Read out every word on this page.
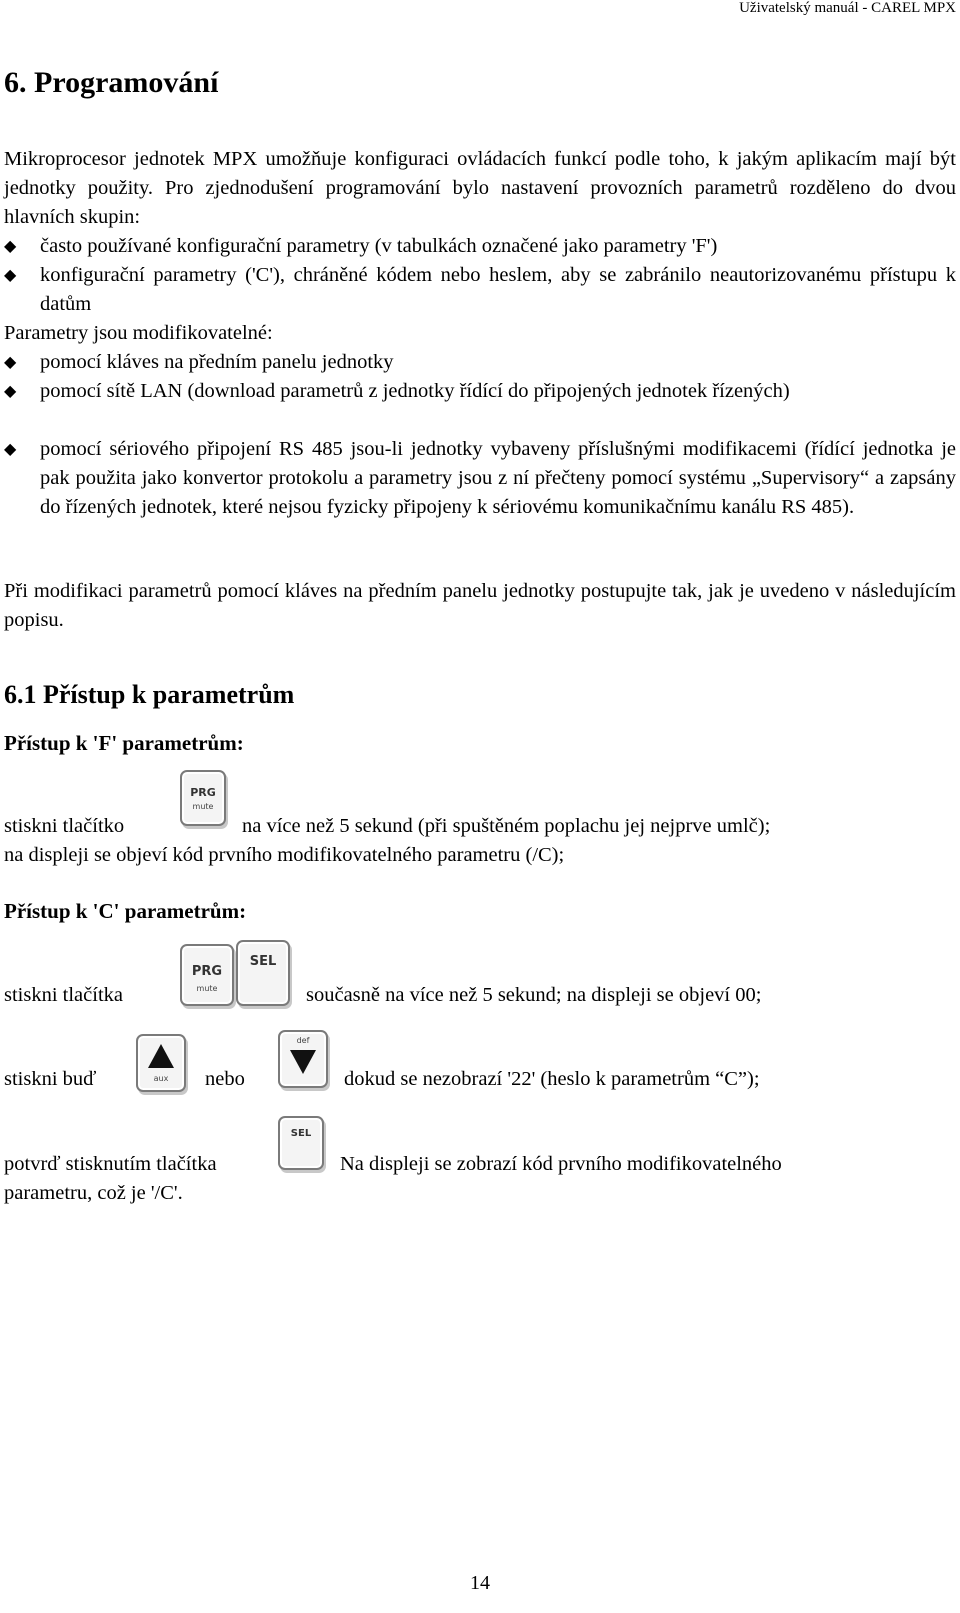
Uživatelský manuál - CAREL MPX
6. Programování

Mikroprocesor jednotek MPX umožňuje konfiguraci ovládacích funkcí podle toho, k jakým aplikacím mají být jednotky použity. Pro zjednodušení programování bylo nastavení provozních parametrů rozděleno do dvou hlavních skupin:

◆ často používané konfigurační parametry (v tabulkách označené jako parametry 'F')
◆ konfigurační parametry ('C'), chráněné kódem nebo heslem, aby se zabránilo neautorizovanému přístupu k datům
Parametry jsou modifikovatelné:
◆ pomocí kláves na předním panelu jednotky
◆ pomocí sítě LAN (download parametrů z jednotky řídící do připojených jednotek řízených)
◆ pomocí sériového připojení RS 485 jsou-li jednotky vybaveny příslušnými modifikacemi (řídící jednotka je pak použita jako konvertor protokolu a parametry jsou z ní přečteny pomocí systému „Supervisory“ a zapsány do řízených jednotek, které nejsou fyzicky připojeny k sériovému komunikačnímu kanálu RS 485).

Při modifikaci parametrů pomocí kláves na předním panelu jednotky postupujte tak, jak je uvedeno v následujícím popisu.

6.1 Přístup k parametrům
Přístup k 'F' parametrům:
stiskni tlačítko
PRG
mute
na více než 5 sekund (při spuštěném poplachu jej nejprve umlč);
na displeji se objeví kód prvního modifikovatelného parametru (/C);
Přístup k 'C' parametrům:
stiskni tlačítka
PRG
mute
SEL
současně na více než 5 sekund; na displeji se objeví 00;
stiskni buď	aux	nebo
def
dokud se nezobrazí '22' (heslo k parametrům “C”);
potvrď stisknutím tlačítka
SEL
Na displeji se zobrazí kód prvního modifikovatelného
parametru, což je '/C'.
14
